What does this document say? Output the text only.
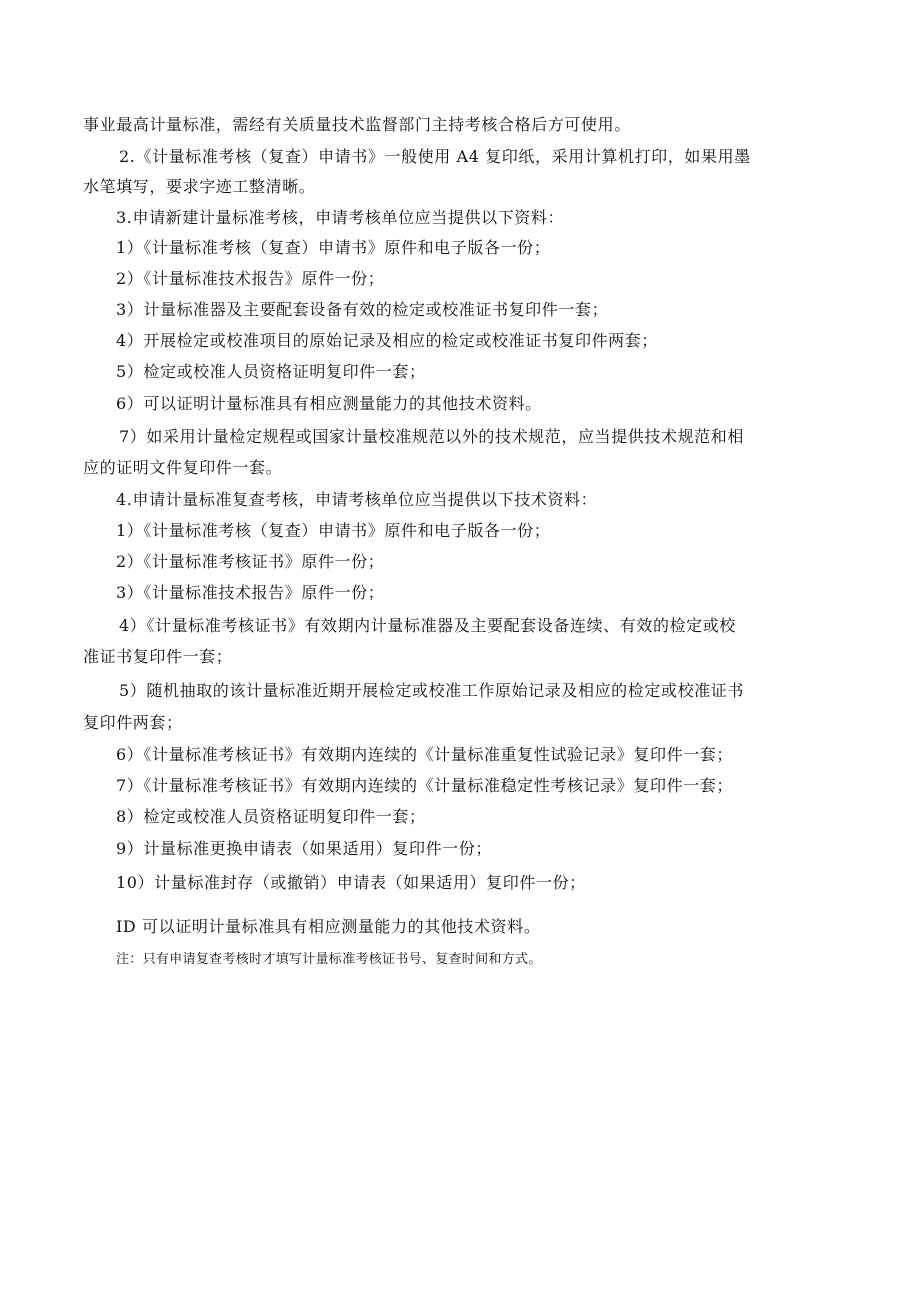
事业最高计量标准，需经有关质量技术监督部门主持考核合格后方可使用。
2.《计量标准考核（复查）申请书》一般使用 A4 复印纸，采用计算机打印，如果用墨
水笔填写，要求字迹工整清晰。
3.申请新建计量标准考核，申请考核单位应当提供以下资料：
1）《计量标准考核（复查）申请书》原件和电子版各一份；
2）《计量标准技术报告》原件一份；
3）计量标准器及主要配套设备有效的检定或校准证书复印件一套；
4）开展检定或校准项目的原始记录及相应的检定或校准证书复印件两套；
5）检定或校准人员资格证明复印件一套；
6）可以证明计量标准具有相应测量能力的其他技术资料。
7）如采用计量检定规程或国家计量校准规范以外的技术规范，应当提供技术规范和相
应的证明文件复印件一套。
4.申请计量标准复查考核，申请考核单位应当提供以下技术资料：
1）《计量标准考核（复查）申请书》原件和电子版各一份；
2）《计量标准考核证书》原件一份；
3）《计量标准技术报告》原件一份；
4）《计量标准考核证书》有效期内计量标准器及主要配套设备连续、有效的检定或校
准证书复印件一套；
5）随机抽取的该计量标准近期开展检定或校准工作原始记录及相应的检定或校准证书
复印件两套；
6）《计量标准考核证书》有效期内连续的《计量标准重复性试验记录》复印件一套；
7）《计量标准考核证书》有效期内连续的《计量标准稳定性考核记录》复印件一套；
8）检定或校准人员资格证明复印件一套；
9）计量标准更换申请表（如果适用）复印件一份；
10）计量标准封存（或撤销）申请表（如果适用）复印件一份；
ID 可以证明计量标准具有相应测量能力的其他技术资料。
注：只有申请复查考核时才填写计量标准考核证书号、复查时间和方式。
